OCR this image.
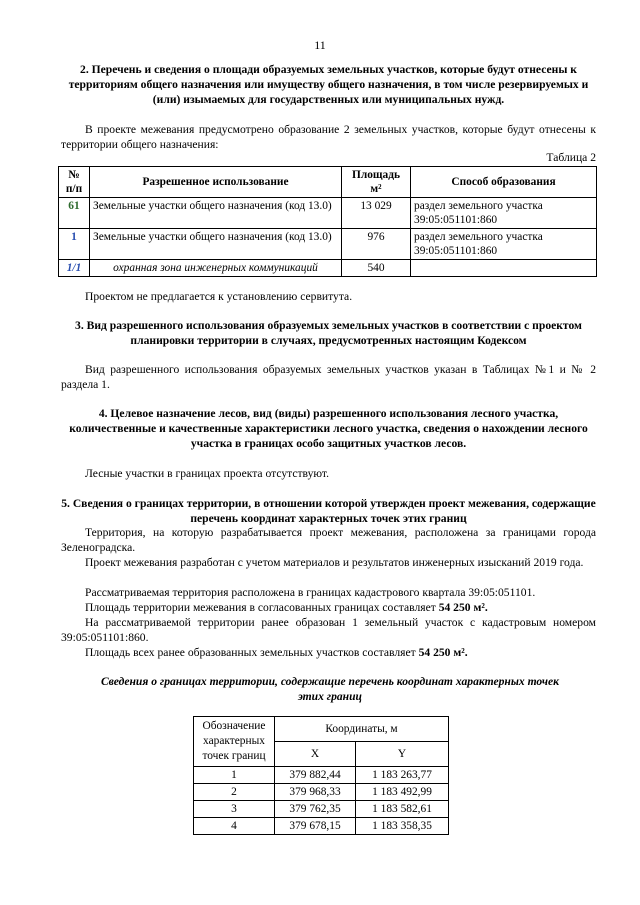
11
2. Перечень и сведения о площади образуемых земельных участков, которые будут отнесены к территориям общего назначения или имуществу общего назначения, в том числе резервируемых и (или) изымаемых для государственных или муниципальных нужд.
В проекте межевания предусмотрено образование 2 земельных участков, которые будут отнесены к территории общего назначения:
Таблица 2
№ п/п	Разрешенное использование	Площадь м²	Способ образования
61	Земельные участки общего назначения (код 13.0)	13 029	раздел земельного участка 39:05:051101:860
1	Земельные участки общего назначения (код 13.0)	976	раздел земельного участка 39:05:051101:860
1/1	охранная зона инженерных коммуникаций	540	
Проектом не предлагается к установлению сервитута.
3. Вид разрешенного использования образуемых земельных участков в соответствии с проектом планировки территории в случаях, предусмотренных настоящим Кодексом
Вид разрешенного использования образуемых земельных участков указан в Таблицах №1 и № 2 раздела 1.
4. Целевое назначение лесов, вид (виды) разрешенного использования лесного участка, количественные и качественные характеристики лесного участка, сведения о нахождении лесного участка в границах особо защитных участков лесов.
Лесные участки в границах проекта отсутствуют.
5. Сведения о границах территории, в отношении которой утвержден проект межевания, содержащие перечень координат характерных точек этих границ
Территория, на которую разрабатывается проект межевания, расположена за границами города Зеленоградска.
Проект межевания разработан с учетом материалов и результатов инженерных изысканий 2019 года.
Рассматриваемая территория расположена в границах кадастрового квартала 39:05:051101.
Площадь территории межевания в согласованных границах составляет 54 250 м².
На рассматриваемой территории ранее образован 1 земельный участок с кадастровым номером 39:05:051101:860.
Площадь всех ранее образованных земельных участков составляет 54 250 м².
Сведения о границах территории, содержащие перечень координат характерных точек этих границ
Обозначение характерных точек границ	Координаты, м	
	X	Y
1	379 882,44	1 183 263,77
2	379 968,33	1 183 492,99
3	379 762,35	1 183 582,61
4	379 678,15	1 183 358,35
